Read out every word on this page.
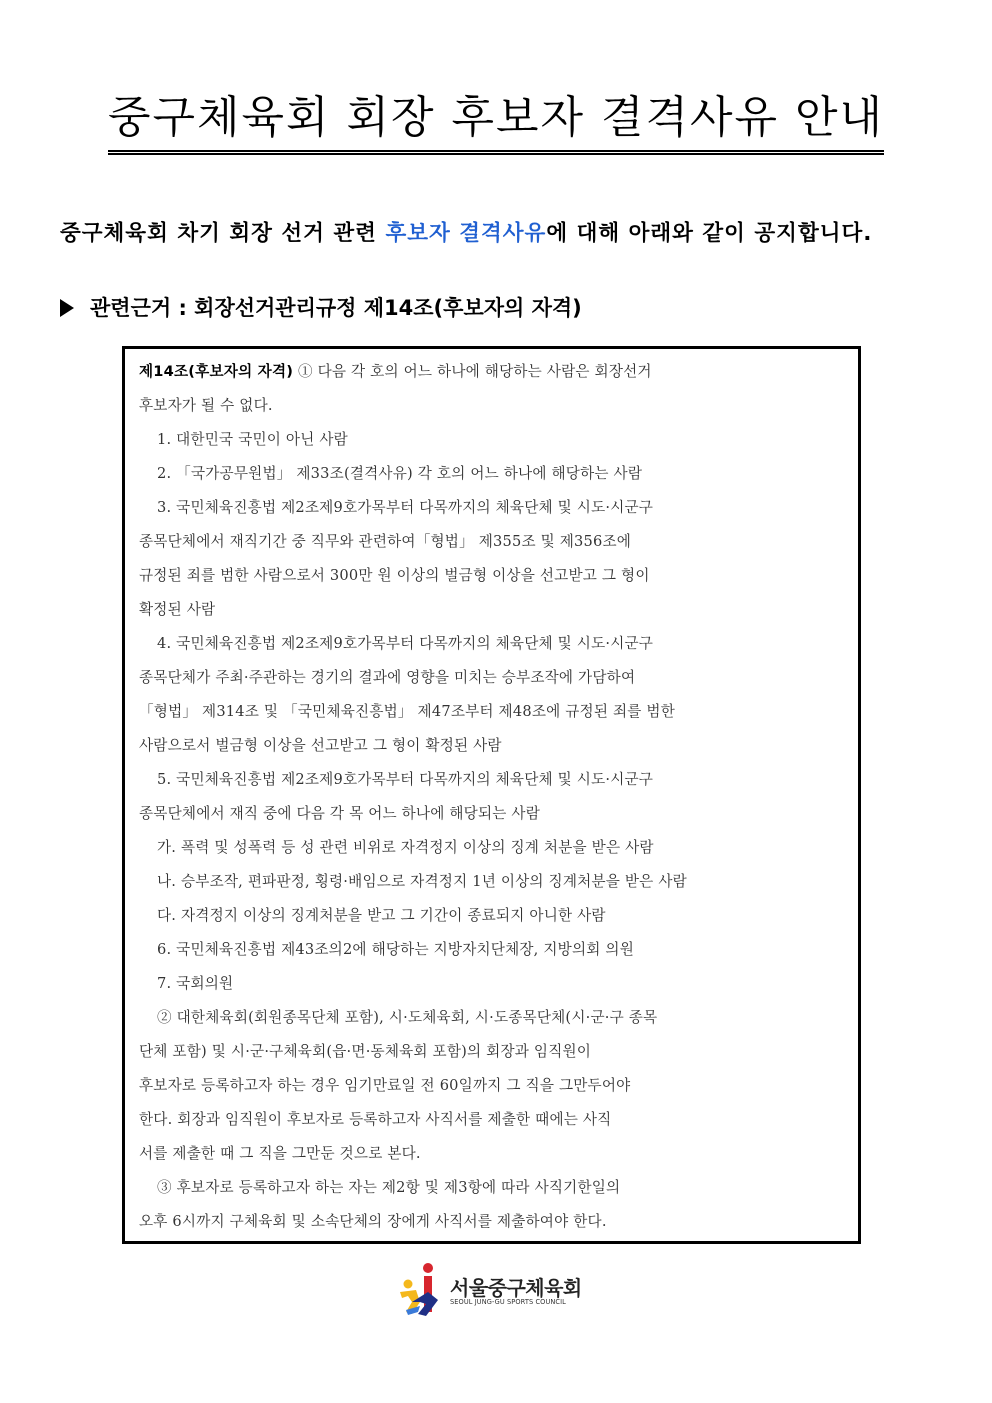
중구체육회 회장 후보자 결격사유 안내
중구체육회 차기 회장 선거 관련 후보자 결격사유에 대해 아래와 같이 공지합니다.
관련근거 : 회장선거관리규정 제14조(후보자의 자격)
제14조(후보자의 자격) ① 다음 각 호의 어느 하나에 해당하는 사람은 회장선거
후보자가 될 수 없다.
1. 대한민국 국민이 아닌 사람
2. 「국가공무원법」 제33조(결격사유) 각 호의 어느 하나에 해당하는 사람
3. 국민체육진흥법 제2조제9호가목부터 다목까지의 체육단체 및 시도·시군구
종목단체에서 재직기간 중 직무와 관련하여「형법」 제355조 및 제356조에
규정된 죄를 범한 사람으로서 300만 원 이상의 벌금형 이상을 선고받고 그 형이
확정된 사람
4. 국민체육진흥법 제2조제9호가목부터 다목까지의 체육단체 및 시도·시군구
종목단체가 주최·주관하는 경기의 결과에 영향을 미치는 승부조작에 가담하여
「형법」 제314조 및 「국민체육진흥법」 제47조부터 제48조에 규정된 죄를 범한
사람으로서 벌금형 이상을 선고받고 그 형이 확정된 사람
5. 국민체육진흥법 제2조제9호가목부터 다목까지의 체육단체 및 시도·시군구
종목단체에서 재직 중에 다음 각 목 어느 하나에 해당되는 사람
가. 폭력 및 성폭력 등 성 관련 비위로 자격정지 이상의 징계 처분을 받은 사람
나. 승부조작, 편파판정, 횡령·배임으로 자격정지 1년 이상의 징계처분을 받은 사람
다. 자격정지 이상의 징계처분을 받고 그 기간이 종료되지 아니한 사람
6. 국민체육진흥법 제43조의2에 해당하는 지방자치단체장, 지방의회 의원
7. 국회의원
② 대한체육회(회원종목단체 포함), 시·도체육회, 시·도종목단체(시·군·구 종목
단체 포함) 및 시·군·구체육회(읍·면·동체육회 포함)의 회장과 임직원이
후보자로 등록하고자 하는 경우 임기만료일 전 60일까지 그 직을 그만두어야
한다. 회장과 임직원이 후보자로 등록하고자 사직서를 제출한 때에는 사직
서를 제출한 때 그 직을 그만둔 것으로 본다.
③ 후보자로 등록하고자 하는 자는 제2항 및 제3항에 따라 사직기한일의
오후 6시까지 구체육회 및 소속단체의 장에게 사직서를 제출하여야 한다.
서울중구체육회
SEOUL JUNG-GU SPORTS COUNCIL
